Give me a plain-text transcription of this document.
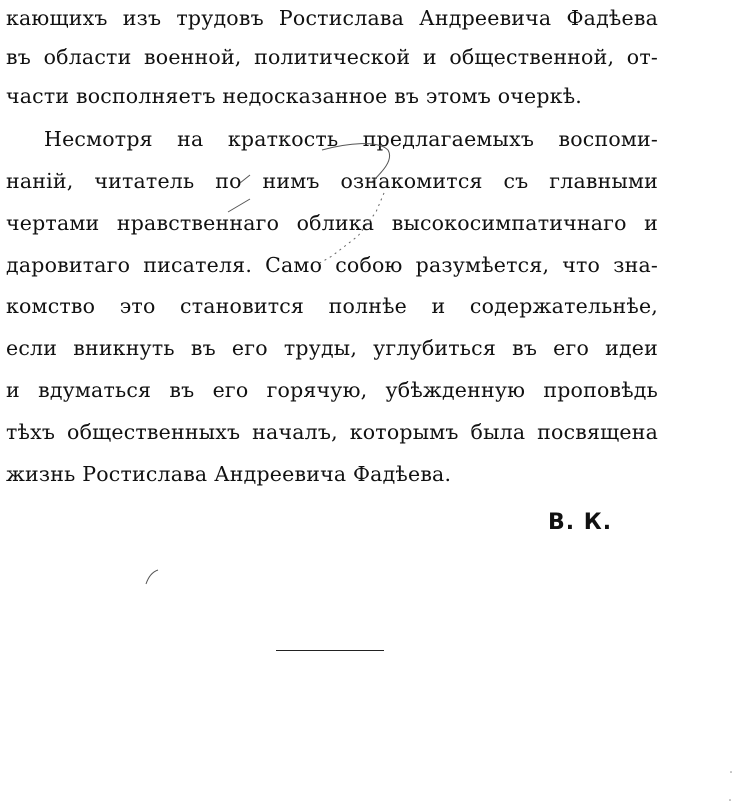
кающихъ изъ трудовъ Ростислава Андреевича Фадѣева
въ области военной, политической и общественной, от-
части восполняетъ недосказанное въ этомъ очеркѣ.
Несмотря на краткость предлагаемыхъ воспоми-
наній, читатель по нимъ ознакомится съ главными
чертами нравственнаго облика высокосимпатичнаго и
даровитаго писателя. Само собою разумѣется, что зна-
комство это становится полнѣе и содержательнѣе,
если вникнуть въ его труды, углубиться въ его идеи
и вдуматься въ его горячую, убѣжденную проповѣдь
тѣхъ общественныхъ началъ, которымъ была посвящена
жизнь Ростислава Андреевича Фадѣева.
В. К.
